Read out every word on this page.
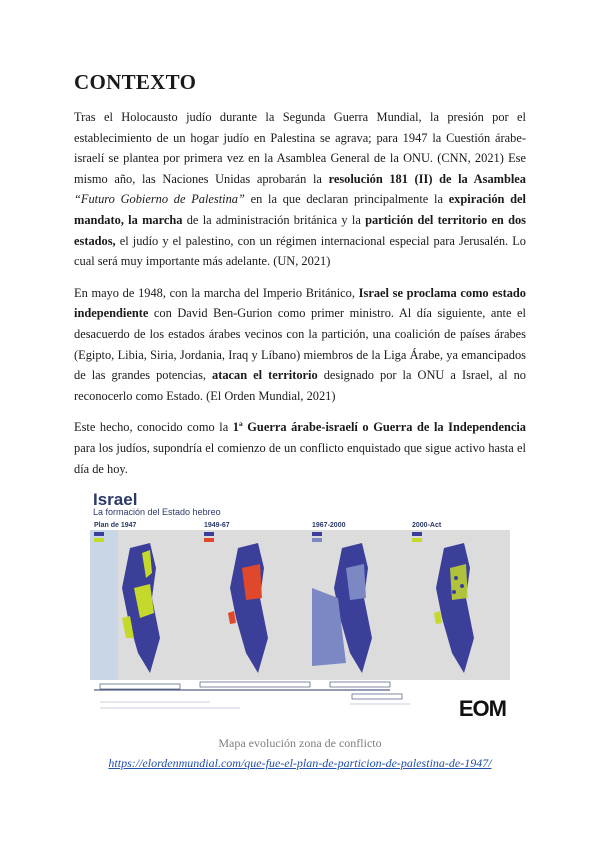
CONTEXTO

Tras el Holocausto judío durante la Segunda Guerra Mundial, la presión por el establecimiento de un hogar judío en Palestina se agrava; para 1947 la Cuestión árabe-israelí se plantea por primera vez en la Asamblea General de la ONU. (CNN, 2021) Ese mismo año, las Naciones Unidas aprobarán la resolución 181 (II) de la Asamblea “Futuro Gobierno de Palestina” en la que declaran principalmente la expiración del mandato, la marcha de la administración británica y la partición del territorio en dos estados, el judío y el palestino, con un régimen internacional especial para Jerusalén. Lo cual será muy importante más adelante. (UN, 2021)

En mayo de 1948, con la marcha del Imperio Británico, Israel se proclama como estado independiente con David Ben-Gurion como primer ministro. Al día siguiente, ante el desacuerdo de los estados árabes vecinos con la partición, una coalición de países árabes (Egipto, Libia, Siria, Jordania, Iraq y Líbano) miembros de la Liga Árabe, ya emancipados de las grandes potencias, atacan el territorio designado por la ONU a Israel, al no reconocerlo como Estado. (El Orden Mundial, 2021)

Este hecho, conocido como la 1ª Guerra árabe-israelí o Guerra de la Independencia para los judíos, supondría el comienzo de un conflicto enquistado que sigue activo hasta el día de hoy.

Israel
La formación del Estado hebreo
Plan de 1947	1949-67	1967-2000	2000-Act
EOM
Mapa evolución zona de conflicto
https://elordenmundial.com/que-fue-el-plan-de-particion-de-palestina-de-1947/
